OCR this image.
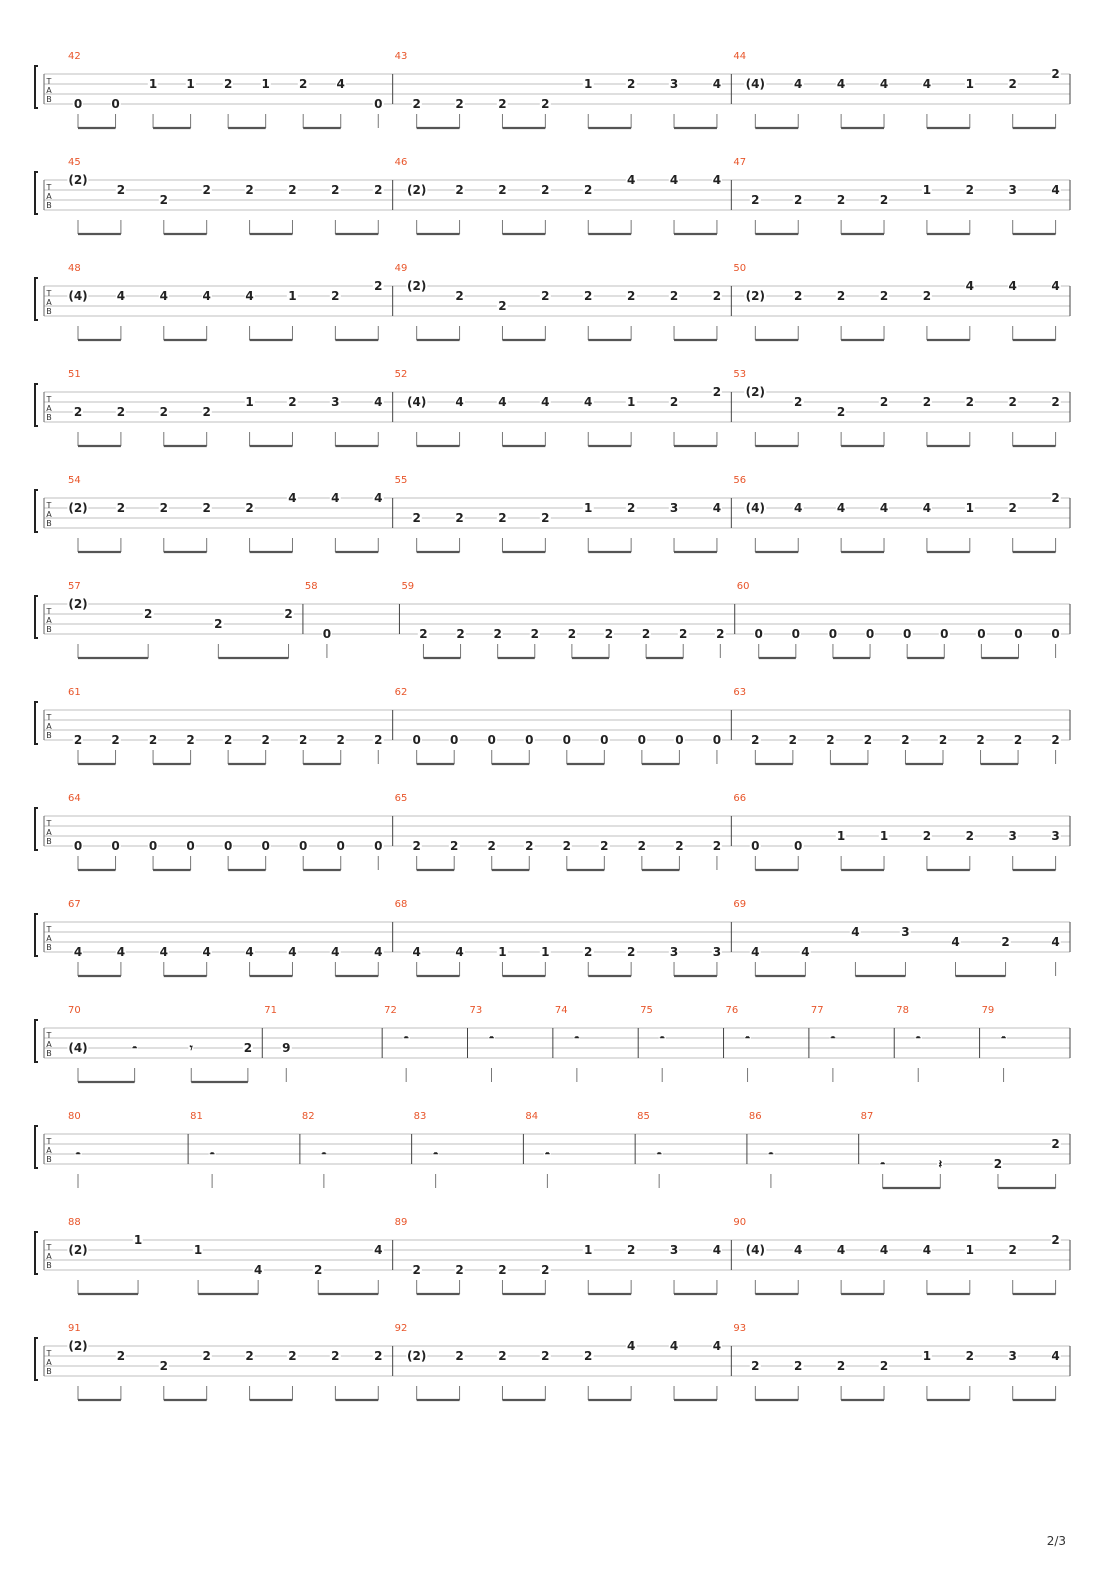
T
A
B
42
0 0
1 1 2 1 2 4
0
43
2	2	2	2
1	2	3	4
44
(4) 4	4	4	4	1	2
2
T
A
B
45
(2)
2
2
2	2	2	2	2
46
(2) 2	2	2	2
4	4	4
47
2	2	2	2
1	2	3	4
T
A
B
48
(4) 4	4	4	4	1	2
2
49
(2)
2
2
2	2	2	2	2
50
(2) 2	2	2	2
4	4	4
T
A
B
51
2	2	2	2
1	2	3	4
52
(4) 4	4	4	4	1	2
2
53
(2)
2
2
2	2	2	2	2
T
A
B
54
(2) 2	2	2	2
4	4	4
55
2	2	2	2
1	2	3	4
56
(4) 4	4	4	4	1	2
2
T
A
B
57
(2)
2
2
2
58
0
59
2 2 2 2 2 2 2 2 2
60
0 0 0 0 0 0 0 0 0
T
A
B
61
2 2 2 2 2 2 2 2 2
62
0 0 0 0 0 0 0 0 0
63
2 2 2 2 2 2 2 2 2
T
A
B
64
0 0 0 0 0 0 0 0 0
65
2 2 2 2 2 2 2 2 2
66
0	0
1	1	2	2	3	3
T
A
B
67
4	4	4	4	4	4	4	4
68
4	4	1	1	2	2	3	3
69
4	4
4	3
4	2	4
T
A
B
70
(4)	𝄼	𝄾	2
71
9
72
𝄼
73
𝄼
74
𝄼
75
𝄼
76
𝄼
77
𝄼
78
𝄼
79
𝄼
T
A
B
80
𝄼
81
𝄼
82
𝄼
83
𝄼
84
𝄼
85
𝄼
86
𝄼
87
𝄼	𝄽	2
2
T
A
B
88
(2)
1
1
4	2
4
89
2	2	2	2
1	2	3	4
90
(4) 4	4	4	4	1	2
2
T
A
B
91
(2)
2
2
2	2	2	2	2
92
(2) 2	2	2	2
4	4	4
93
2	2	2	2
1	2	3	4
2/3
